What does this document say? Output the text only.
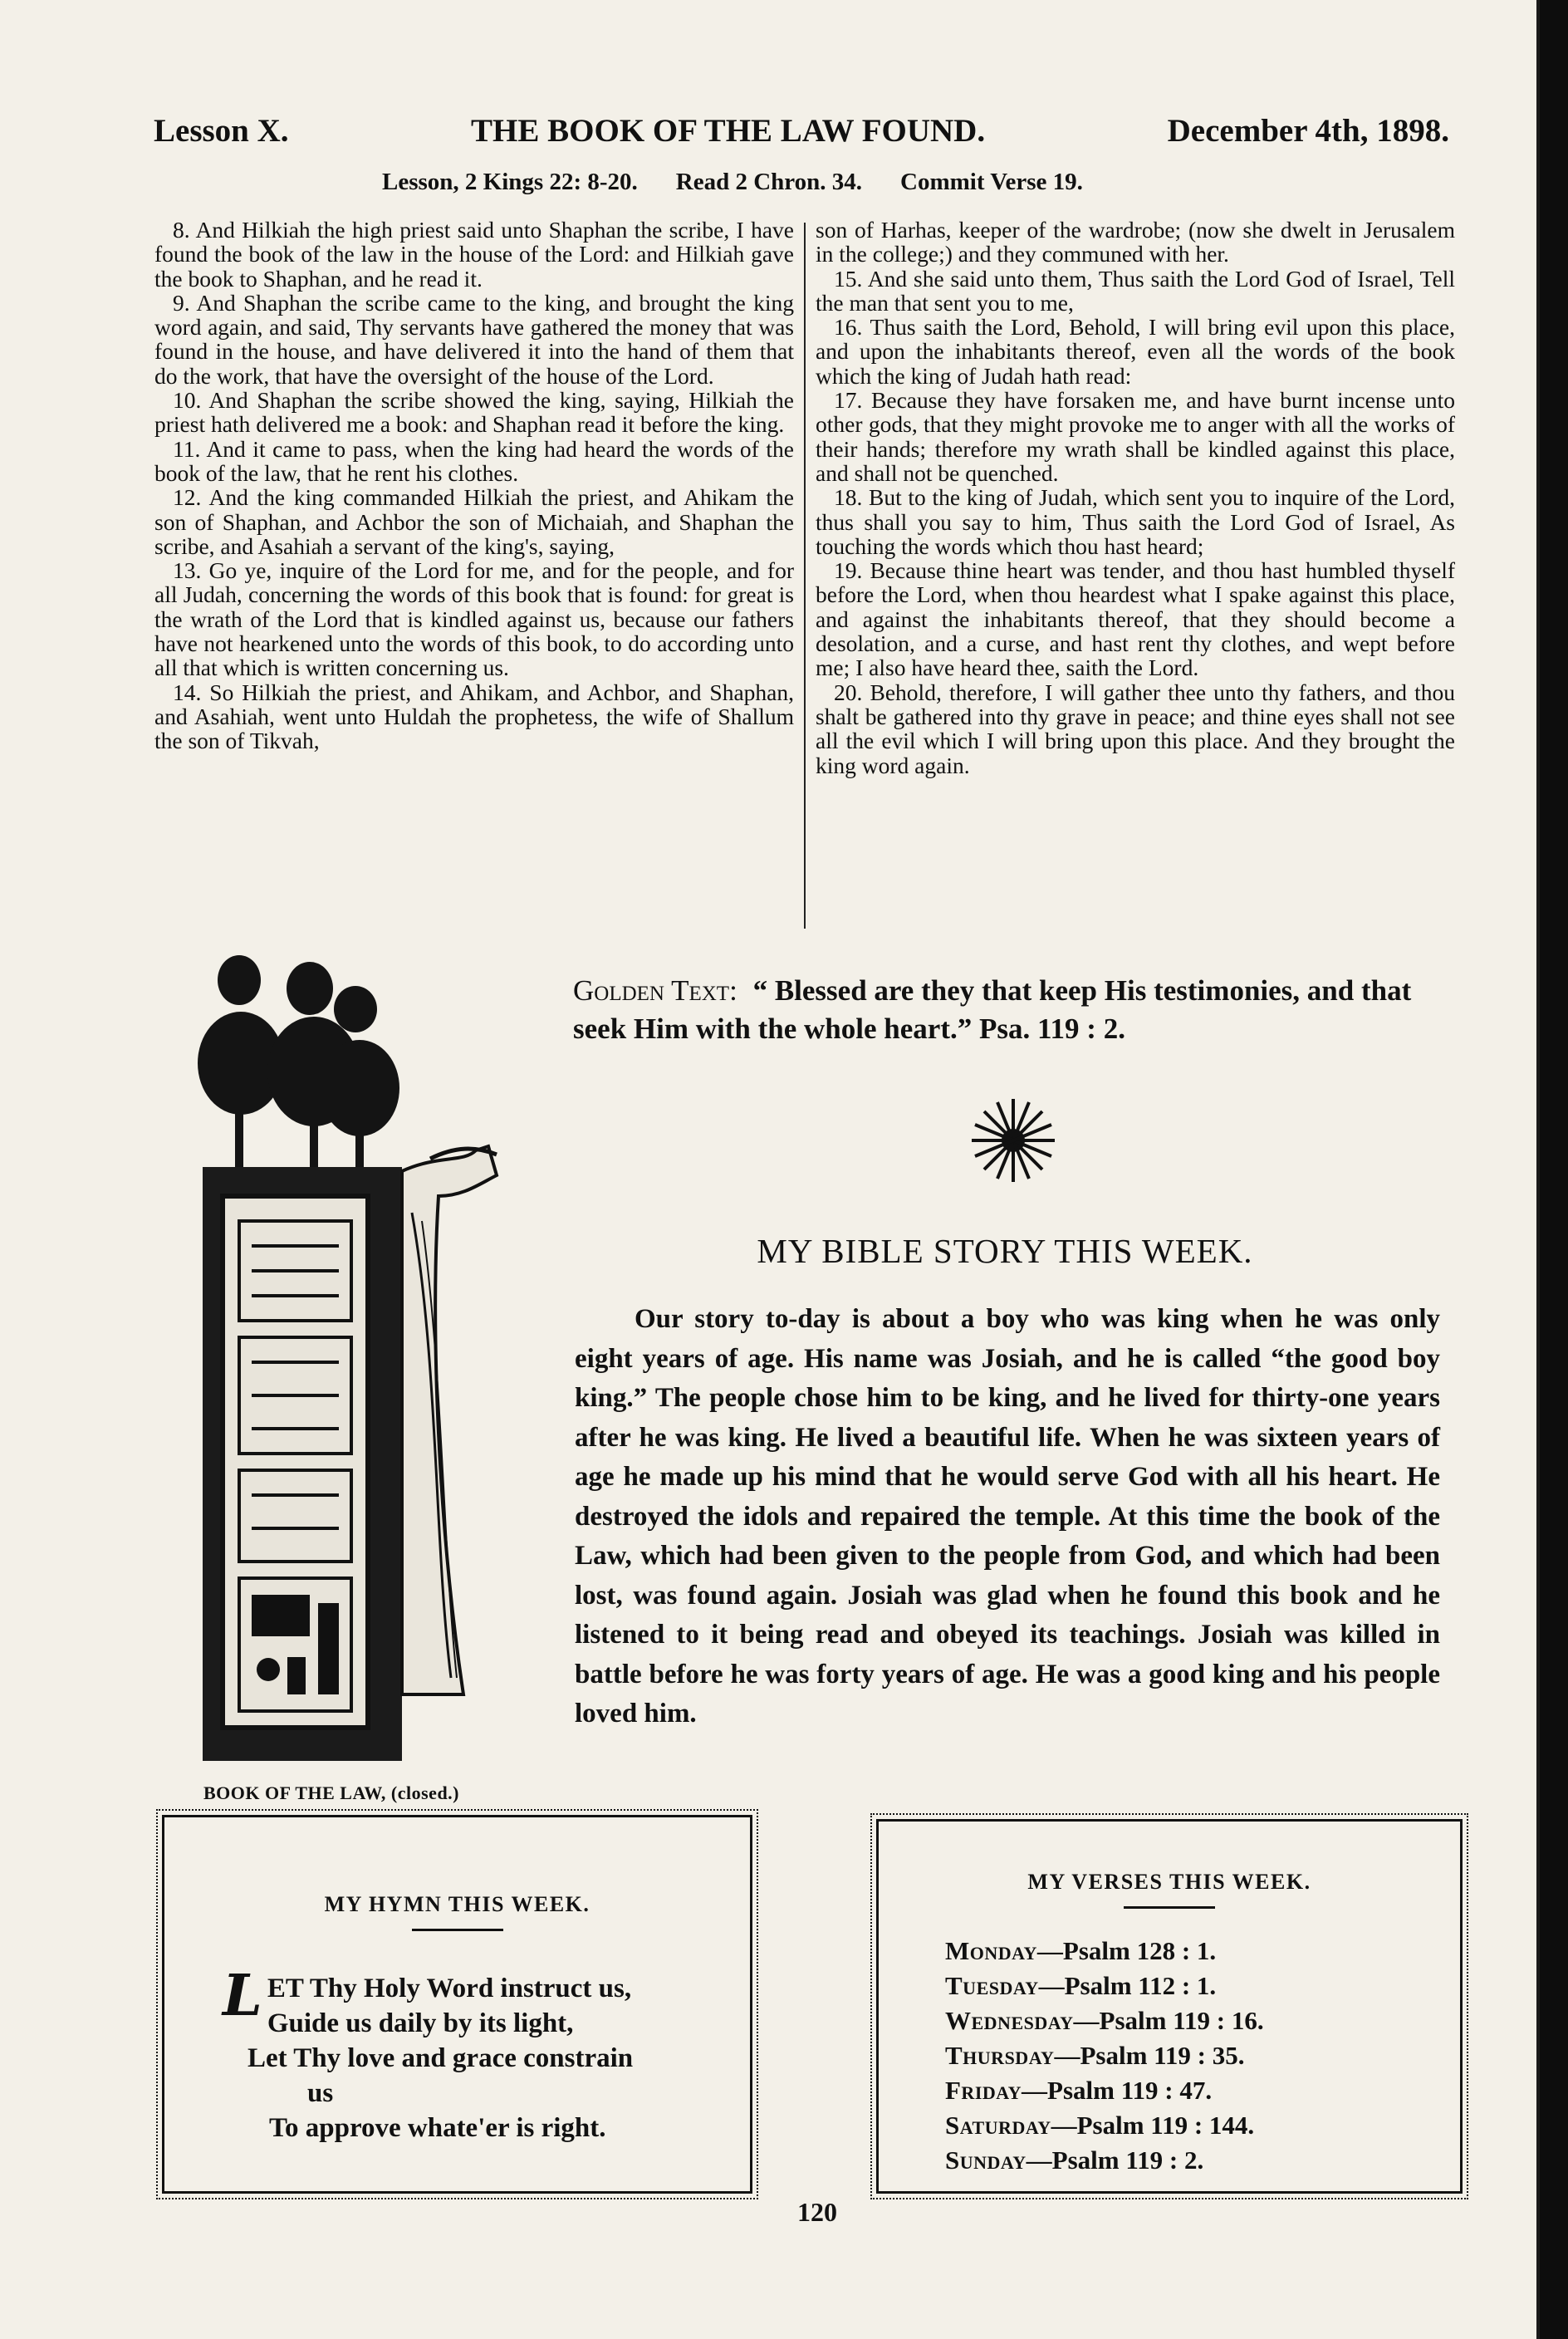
Lesson X.	THE BOOK OF THE LAW FOUND.	December 4th, 1898.
Lesson, 2 Kings 22: 8-20. Read 2 Chron. 34. Commit Verse 19.

8. And Hilkiah the high priest said unto Shaphan the scribe, I have found the book of the law in the house of the Lord: and Hilkiah gave the book to Shaphan, and he read it.

9. And Shaphan the scribe came to the king, and brought the king word again, and said, Thy servants have gathered the money that was found in the house, and have delivered it into the hand of them that do the work, that have the oversight of the house of the Lord.

10. And Shaphan the scribe showed the king, saying, Hilkiah the priest hath delivered me a book: and Shaphan read it before the king.

11. And it came to pass, when the king had heard the words of the book of the law, that he rent his clothes.

12. And the king commanded Hilkiah the priest, and Ahikam the son of Shaphan, and Achbor the son of Michaiah, and Shaphan the scribe, and Asahiah a servant of the king's, saying,

13. Go ye, inquire of the Lord for me, and for the people, and for all Judah, concerning the words of this book that is found: for great is the wrath of the Lord that is kindled against us, because our fathers have not hearkened unto the words of this book, to do according unto all that which is written concerning us.

14. So Hilkiah the priest, and Ahikam, and Achbor, and Shaphan, and Asahiah, went unto Huldah the prophetess, the wife of Shallum the son of Tikvah,

son of Harhas, keeper of the wardrobe; (now she dwelt in Jerusalem in the college;) and they communed with her.

15. And she said unto them, Thus saith the Lord God of Israel, Tell the man that sent you to me,

16. Thus saith the Lord, Behold, I will bring evil upon this place, and upon the inhabitants thereof, even all the words of the book which the king of Judah hath read:

17. Because they have forsaken me, and have burnt incense unto other gods, that they might provoke me to anger with all the works of their hands; therefore my wrath shall be kindled against this place, and shall not be quenched.

18. But to the king of Judah, which sent you to inquire of the Lord, thus shall you say to him, Thus saith the Lord God of Israel, As touching the words which thou hast heard;

19. Because thine heart was tender, and thou hast humbled thyself before the Lord, when thou heardest what I spake against this place, and against the inhabitants thereof, that they should become a desolation, and a curse, and hast rent thy clothes, and wept before me; I also have heard thee, saith the Lord.

20. Behold, therefore, I will gather thee unto thy fathers, and thou shalt be gathered into thy grave in peace; and thine eyes shall not see all the evil which I will bring upon this place. And they brought the king word again.

BOOK OF THE LAW, (closed.)
Golden Text: “ Blessed are they that keep His testimonies, and that seek Him with the whole heart.” Psa. 119 : 2.
MY BIBLE STORY THIS WEEK.

Our story to-day is about a boy who was king when he was only eight years of age. His name was Josiah, and he is called “the good boy king.” The people chose him to be king, and he lived for thirty-one years after he was king. He lived a beautiful life. When he was sixteen years of age he made up his mind that he would serve God with all his heart. He destroyed the idols and repaired the temple. At this time the book of the Law, which had been given to the people from God, and which had been lost, was found again. Josiah was glad when he found this book and he listened to it being read and obeyed its teachings. Josiah was killed in battle before he was forty years of age. He was a good king and his people loved him.

MY HYMN THIS WEEK.
L ET Thy Holy Word instruct us,
Guide us daily by its light,
Let Thy love and grace constrain
us
To approve whate'er is right.
MY VERSES THIS WEEK.
Monday—Psalm 128 : 1.
Tuesday—Psalm 112 : 1.
Wednesday—Psalm 119 : 16.
Thursday—Psalm 119 : 35.
Friday—Psalm 119 : 47.
Saturday—Psalm 119 : 144.
Sunday—Psalm 119 : 2.
120
